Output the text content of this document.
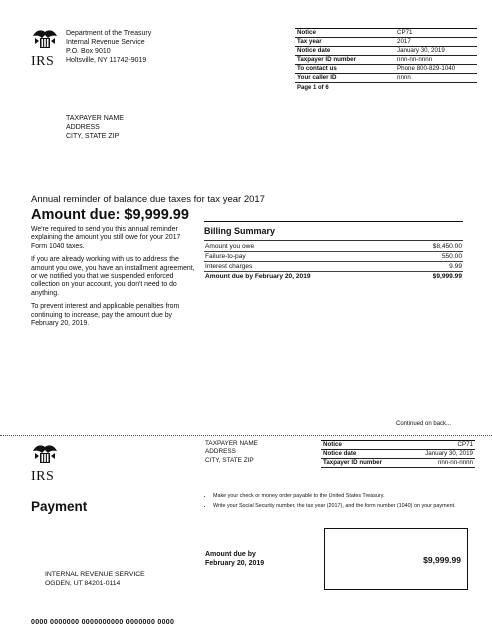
IRS
Department of the Treasury
Internal Revenue Service
P.O. Box 9010
Holtsville, NY 11742-9019
Notice	CP71
Tax year	2017
Notice date	January 30, 2019
Taxpayer ID number	nnn-nn-nnnn
To contact us	Phone 800-829-1040
Your caller ID	nnnn
Page 1 of 6
TAXPAYER NAME
ADDRESS
CITY, STATE ZIP
Annual reminder of balance due taxes for tax year 2017
Amount due: $9,999.99

We're required to send you this annual reminder explaining the amount you still owe for your 2017 Form 1040 taxes.

If you are already working with us to address the amount you owe, you have an installment agreement, or we notified you that we suspended enforced collection on your account, you don't need to do anything.

To prevent interest and applicable penalties from continuing to increase, pay the amount due by February 20, 2019.

Billing Summary
Amount you owe	$8,450.00
Failure-to-pay	550.00
Interest charges	9.99
Amount due by February 20, 2019	$9,999.99
Continued on back...
IRS
TAXPAYER NAME
ADDRESS
CITY, STATE ZIP
Notice	CP71
Notice date	January 30, 2019
Taxpayer ID number	nnn-nn-nnnn
Payment
• Make your check or money order payable to the United States Treasury.
• Write your Social Security number, the tax year (2017), and the form number (1040) on your payment.
Amount due by
February 20, 2019	$9,999.99
INTERNAL REVENUE SERVICE
OGDEN, UT 84201-0114
0000 0000000 0000000000 0000000 0000
